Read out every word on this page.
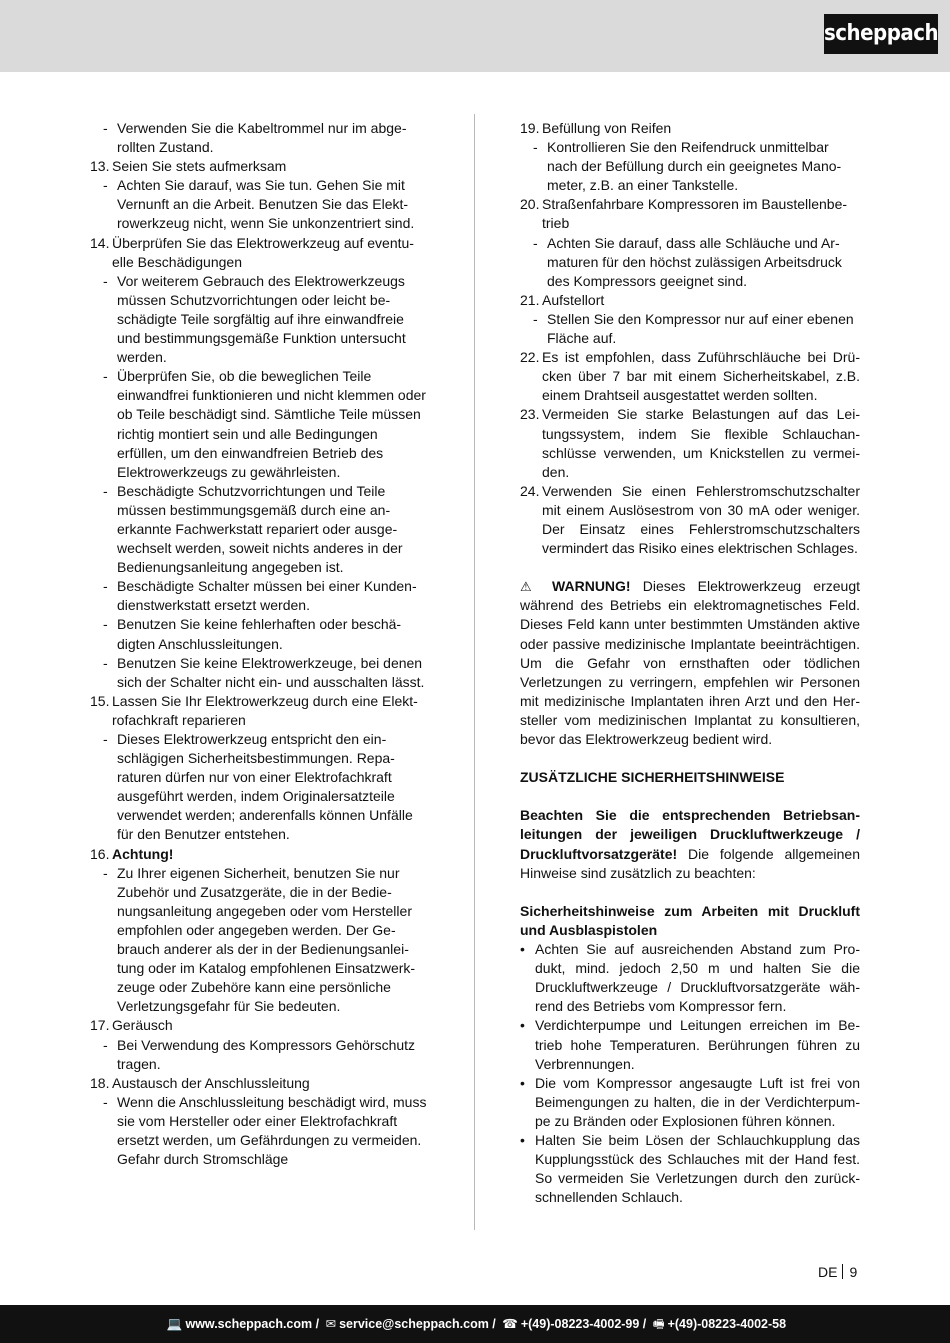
scheppach
- Verwenden Sie die Kabeltrommel nur im abge-
rollten Zustand.
13. Seien Sie stets aufmerksam
- Achten Sie darauf, was Sie tun. Gehen Sie mit Vernunft an die Arbeit. Benutzen Sie das Elektrowerkzeug nicht, wenn Sie unkonzentriert sind.
14. Überprüfen Sie das Elektrowerkzeug auf eventuelle Beschädigungen
- Vor weiterem Gebrauch des Elektrowerkzeugs müssen Schutzvorrichtungen oder leicht beschädigte Teile sorgfältig auf ihre einwandfreie und bestimmungsgemäße Funktion untersucht werden.
- Überprüfen Sie, ob die beweglichen Teile einwandfrei funktionieren und nicht klemmen oder ob Teile beschädigt sind. Sämtliche Teile müssen richtig montiert sein und alle Bedingungen erfüllen, um den einwandfreien Betrieb des Elektrowerkzeugs zu gewährleisten.
- Beschädigte Schutzvorrichtungen und Teile müssen bestimmungsgemäß durch eine anerkannte Fachwerkstatt repariert oder ausgewechselt werden, soweit nichts anderes in der Bedienungsanleitung angegeben ist.
- Beschädigte Schalter müssen bei einer Kundendienstwerkstatt ersetzt werden.
- Benutzen Sie keine fehlerhaften oder beschädigten Anschlussleitungen.
- Benutzen Sie keine Elektrowerkzeuge, bei denen sich der Schalter nicht ein- und ausschalten lässt.
15. Lassen Sie Ihr Elektrowerkzeug durch eine Elektrofachkraft reparieren
- Dieses Elektrowerkzeug entspricht den einschlägigen Sicherheitsbestimmungen. Reparaturen dürfen nur von einer Elektrofachkraft ausgeführt werden, indem Originalersatzteile verwendet werden; anderenfalls können Unfälle für den Benutzer entstehen.
16. Achtung!
- Zu Ihrer eigenen Sicherheit, benutzen Sie nur Zubehör und Zusatzgeräte, die in der Bedienungsanleitung angegeben oder vom Hersteller empfohlen oder angegeben werden. Der Gebrauch anderer als der in der Bedienungsanleitung oder im Katalog empfohlenen Einsatzwerkzeuge oder Zubehöre kann eine persönliche Verletzungsgefahr für Sie bedeuten.
17. Geräusch
- Bei Verwendung des Kompressors Gehörschutz tragen.
18. Austausch der Anschlussleitung
- Wenn die Anschlussleitung beschädigt wird, muss sie vom Hersteller oder einer Elektrofachkraft ersetzt werden, um Gefährdungen zu vermeiden. Gefahr durch Stromschläge
19. Befüllung von Reifen
- Kontrollieren Sie den Reifendruck unmittelbar nach der Befüllung durch ein geeignetes Manometer, z.B. an einer Tankstelle.
20. Straßenfahrbare Kompressoren im Baustellenbetrieb
- Achten Sie darauf, dass alle Schläuche und Armaturen für den höchst zulässigen Arbeitsdruck des Kompressors geeignet sind.
21. Aufstellort
- Stellen Sie den Kompressor nur auf einer ebenen Fläche auf.
22. Es ist empfohlen, dass Zuführschläuche bei Drücken über 7 bar mit einem Sicherheitskabel, z.B. einem Drahtseil ausgestattet werden sollten.
23. Vermeiden Sie starke Belastungen auf das Leitungssystem, indem Sie flexible Schlauchanschlüsse verwenden, um Knickstellen zu vermeiden.
24. Verwenden Sie einen Fehlerstromschutzschalter mit einem Auslösestrom von 30 mA oder weniger. Der Einsatz eines Fehlerstromschutzschalters vermindert das Risiko eines elektrischen Schlages.
⚠ WARNUNG! Dieses Elektrowerkzeug erzeugt während des Betriebs ein elektromagnetisches Feld. Dieses Feld kann unter bestimmten Umständen aktive oder passive medizinische Implantate beeinträchtigen. Um die Gefahr von ernsthaften oder tödlichen Verletzungen zu verringern, empfehlen wir Personen mit medizinische Implantaten ihren Arzt und den Hersteller vom medizinischen Implantat zu konsultieren, bevor das Elektrowerkzeug bedient wird.
ZUSÄTZLICHE SICHERHEITSHINWEISE
Beachten Sie die entsprechenden Betriebsanleitungen der jeweiligen Druckluftwerkzeuge / Druckluftvorsatzgeräte! Die folgende allgemeinen Hinweise sind zusätzlich zu beachten:
Sicherheitshinweise zum Arbeiten mit Druckluft und Ausblaspistolen
• Achten Sie auf ausreichenden Abstand zum Produkt, mind. jedoch 2,50 m und halten Sie die Druckluftwerkzeuge / Druckluftvorsatzgeräte während des Betriebs vom Kompressor fern.
• Verdichterpumpe und Leitungen erreichen im Betrieb hohe Temperaturen. Berührungen führen zu Verbrennungen.
• Die vom Kompressor angesaugte Luft ist frei von Beimengungen zu halten, die in der Verdichterpumpe zu Bränden oder Explosionen führen können.
• Halten Sie beim Lösen der Schlauchkupplung das Kupplungsstück des Schlauches mit der Hand fest. So vermeiden Sie Verletzungen durch den zurückschnellenden Schlauch.
DE 9
💻 www.scheppach.com / ✉ service@scheppach.com / ☎ +(49)-08223-4002-99 / 🖷 +(49)-08223-4002-58
